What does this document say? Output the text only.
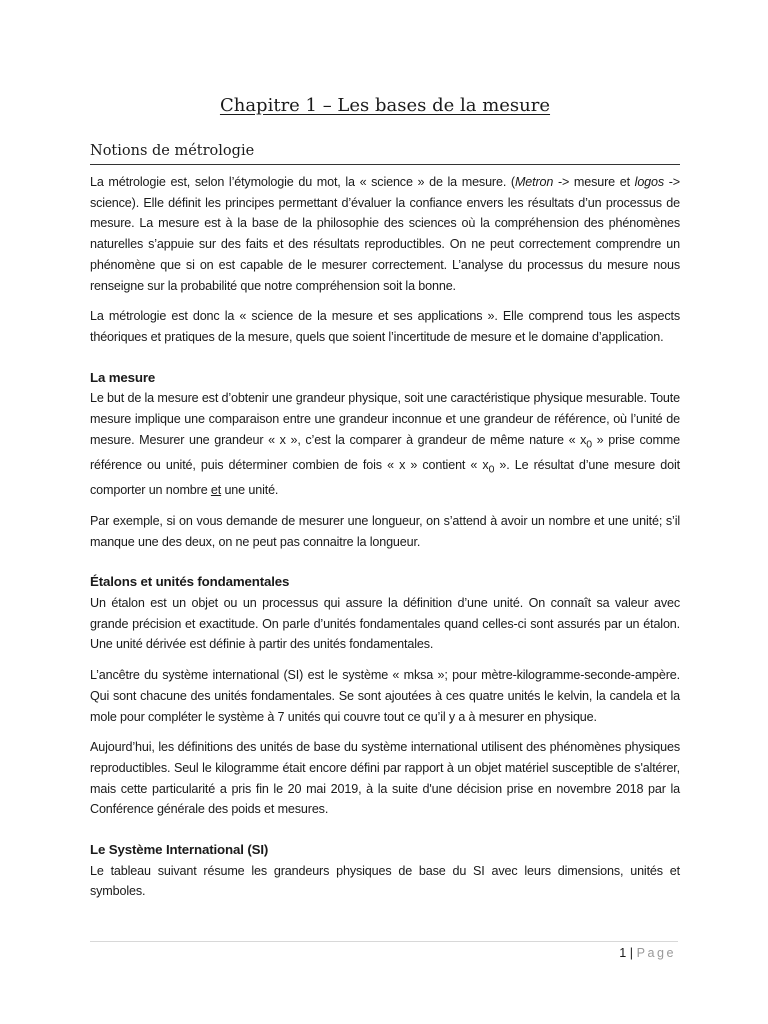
Chapitre 1 – Les bases de la mesure
Notions de métrologie

La métrologie est, selon l’étymologie du mot, la « science » de la mesure. (Metron -> mesure et logos -> science). Elle définit les principes permettant d’évaluer la confiance envers les résultats d’un processus de mesure. La mesure est à la base de la philosophie des sciences où la compréhension des phénomènes naturelles s’appuie sur des faits et des résultats reproductibles. On ne peut correctement comprendre un phénomène que si on est capable de le mesurer correctement. L’analyse du processus du mesure nous renseigne sur la probabilité que notre compréhension soit la bonne.

La métrologie est donc la « science de la mesure et ses applications ». Elle comprend tous les aspects théoriques et pratiques de la mesure, quels que soient l’incertitude de mesure et le domaine d’application.

La mesure

Le but de la mesure est d’obtenir une grandeur physique, soit une caractéristique physique mesurable. Toute mesure implique une comparaison entre une grandeur inconnue et une grandeur de référence, où l’unité de mesure. Mesurer une grandeur « x », c’est la comparer à grandeur de même nature « $x_0$ » prise comme référence ou unité, puis déterminer combien de fois « x » contient « $x_0$ ». Le résultat d’une mesure doit comporter un nombre et une unité.

Par exemple, si on vous demande de mesurer une longueur, on s’attend à avoir un nombre et une unité; s’il manque une des deux, on ne peut pas connaitre la longueur.

Étalons et unités fondamentales

Un étalon est un objet ou un processus qui assure la définition d’une unité. On connaît sa valeur avec grande précision et exactitude. On parle d’unités fondamentales quand celles-ci sont assurés par un étalon. Une unité dérivée est définie à partir des unités fondamentales.

L’ancêtre du système international (SI) est le système « mksa »; pour mètre-kilogramme-seconde-ampère. Qui sont chacune des unités fondamentales. Se sont ajoutées à ces quatre unités le kelvin, la candela et la mole pour compléter le système à 7 unités qui couvre tout ce qu’il y a à mesurer en physique.

Aujourd’hui, les définitions des unités de base du système international utilisent des phénomènes physiques reproductibles. Seul le kilogramme était encore défini par rapport à un objet matériel susceptible de s'altérer, mais cette particularité a pris fin le 20 mai 2019, à la suite d'une décision prise en novembre 2018 par la Conférence générale des poids et mesures.

Le Système International (SI)

Le tableau suivant résume les grandeurs physiques de base du SI avec leurs dimensions, unités et symboles.

1 | Page
